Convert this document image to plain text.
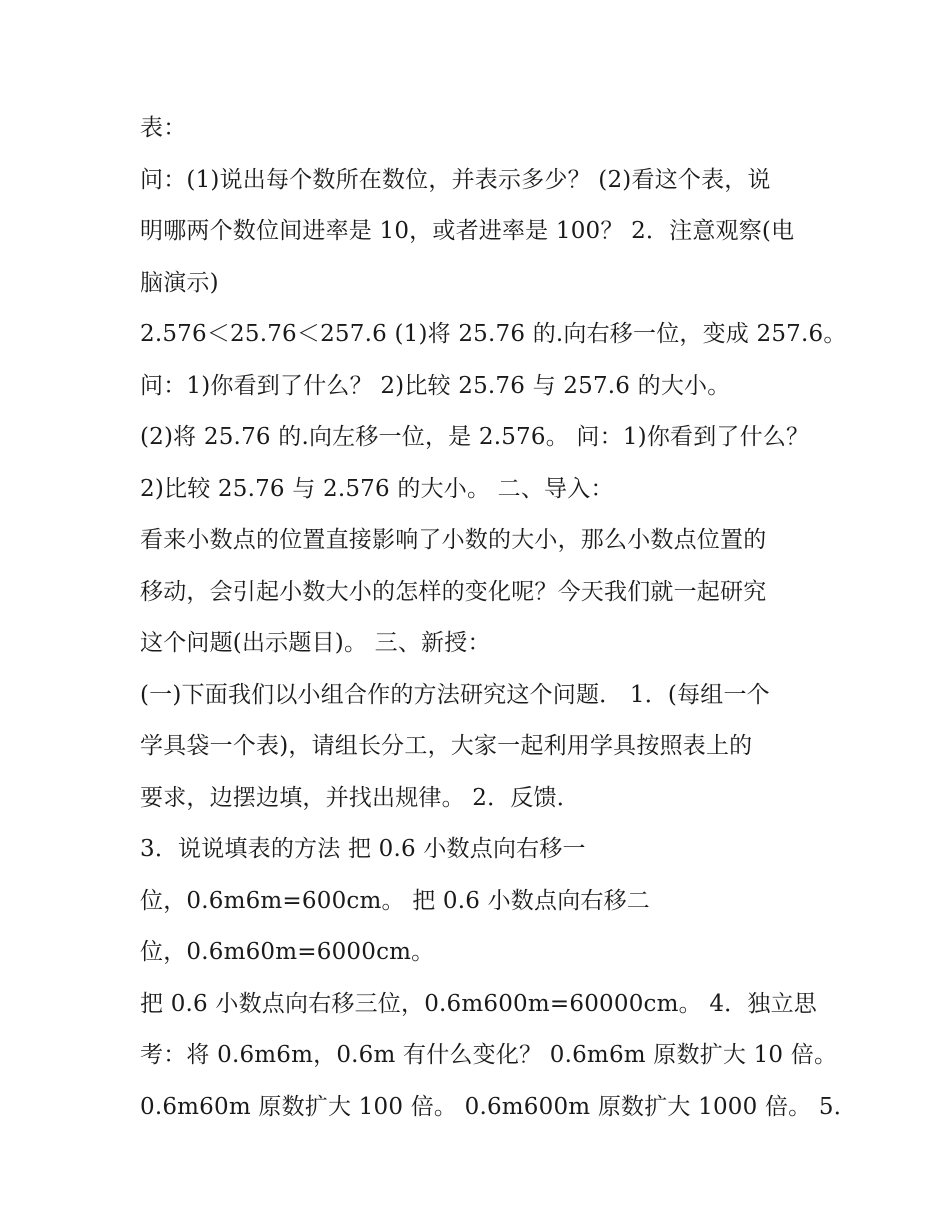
表：
问：(1)说出每个数所在数位，并表示多少？ (2)看这个表，说
明哪两个数位间进率是 10，或者进率是 100？ 2．注意观察(电
脑演示)
2.576＜25.76＜257.6 (1)将 25.76 的.向右移一位，变成 257.6。
问：1)你看到了什么？ 2)比较 25.76 与 257.6 的大小。
(2)将 25.76 的.向左移一位，是 2.576。 问：1)你看到了什么？
2)比较 25.76 与 2.576 的大小。 二、导入：
看来小数点的位置直接影响了小数的大小，那么小数点位置的
移动，会引起小数大小的怎样的变化呢？今天我们就一起研究
这个问题(出示题目)。 三、新授：
(一)下面我们以小组合作的方法研究这个问题． 1．(每组一个
学具袋一个表)，请组长分工，大家一起利用学具按照表上的
要求，边摆边填，并找出规律。 2．反馈．
3．说说填表的方法 把 0.6 小数点向右移一
位，0.6m6m=600cm。 把 0.6 小数点向右移二
位，0.6m60m=6000cm。
把 0.6 小数点向右移三位，0.6m600m=60000cm。 4．独立思
考：将 0.6m6m，0.6m 有什么变化？ 0.6m6m 原数扩大 10 倍。
0.6m60m 原数扩大 100 倍。 0.6m600m 原数扩大 1000 倍。 5．
